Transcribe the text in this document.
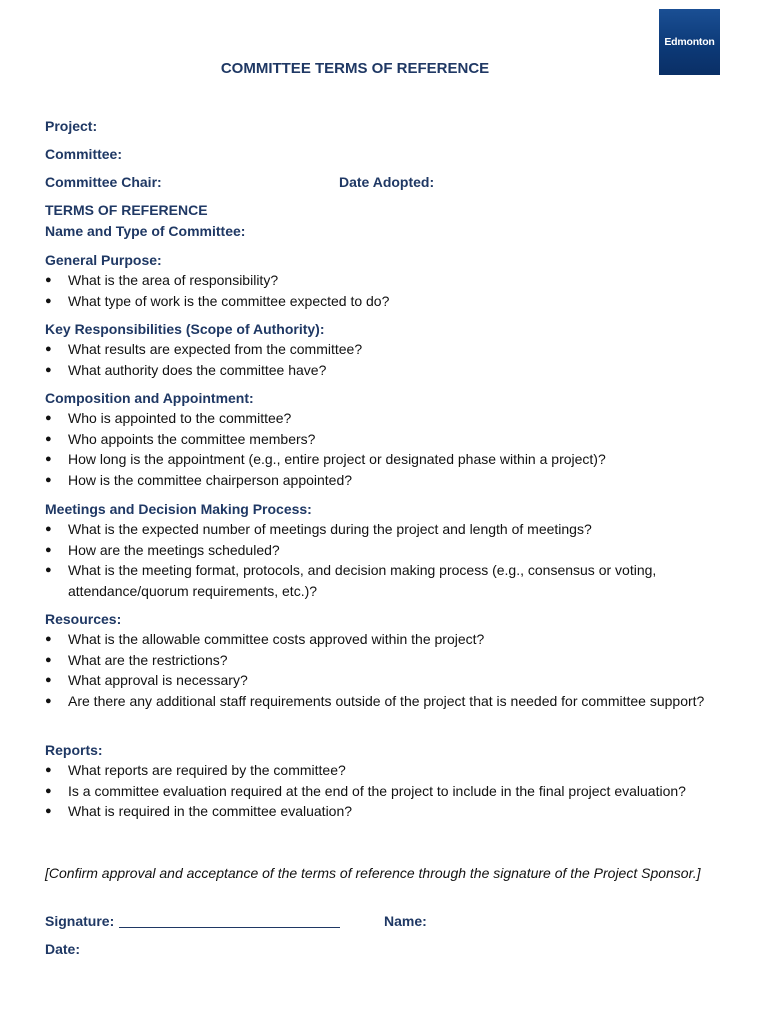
Edmonton
COMMITTEE TERMS OF REFERENCE
Project:
Committee:
Committee Chair:	Date Adopted:
TERMS OF REFERENCE
Name and Type of Committee:
General Purpose:
● What is the area of responsibility?
● What type of work is the committee expected to do?
Key Responsibilities (Scope of Authority):
● What results are expected from the committee?
● What authority does the committee have?
Composition and Appointment:
● Who is appointed to the committee?
● Who appoints the committee members?
● How long is the appointment (e.g., entire project or designated phase within a project)?
● How is the committee chairperson appointed?
Meetings and Decision Making Process:
● What is the expected number of meetings during the project and length of meetings?
● How are the meetings scheduled?
● What is the meeting format, protocols, and decision making process (e.g., consensus or voting, attendance/quorum requirements, etc.)?
Resources:
● What is the allowable committee costs approved within the project?
● What are the restrictions?
● What approval is necessary?
● Are there any additional staff requirements outside of the project that is needed for committee support?
Reports:
● What reports are required by the committee?
● Is a committee evaluation required at the end of the project to include in the final project evaluation?
● What is required in the committee evaluation?
[Confirm approval and acceptance of the terms of reference through the signature of the Project Sponsor.]
Signature:	Name:
Date:
